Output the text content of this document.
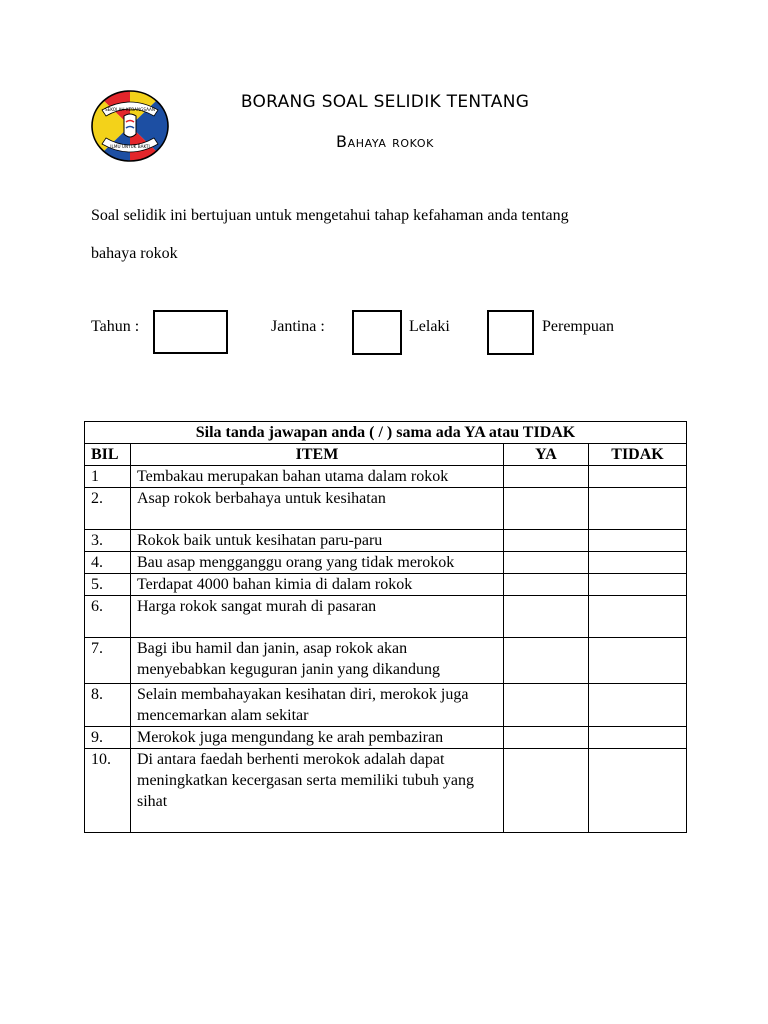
SEKOLAH KEBANGSAAN
ILMU UNTUK BAKTI
BORANG SOAL SELIDIK TENTANG
Bahaya rokok
Soal selidik ini bertujuan untuk mengetahui tahap kefahaman anda tentang
bahaya rokok
Tahun :	Jantina :	Lelaki	Perempuan
Sila tanda jawapan anda ( / ) sama ada YA atau TIDAK			
BIL	ITEM	YA	TIDAK
1	Tembakau merupakan bahan utama dalam rokok		
2.	Asap rokok berbahaya untuk kesihatan		
3.	Rokok baik untuk kesihatan paru-paru		
4.	Bau asap mengganggu orang yang tidak merokok		
5.	Terdapat 4000 bahan kimia di dalam rokok		
6.	Harga rokok sangat murah di pasaran		
7.	Bagi ibu hamil dan janin, asap rokok akan menyebabkan keguguran janin yang dikandung		
8.	Selain membahayakan kesihatan diri, merokok juga mencemarkan alam sekitar		
9.	Merokok juga mengundang ke arah pembaziran		
10.	Di antara faedah berhenti merokok adalah dapat meningkatkan kecergasan serta memiliki tubuh yang sihat		
